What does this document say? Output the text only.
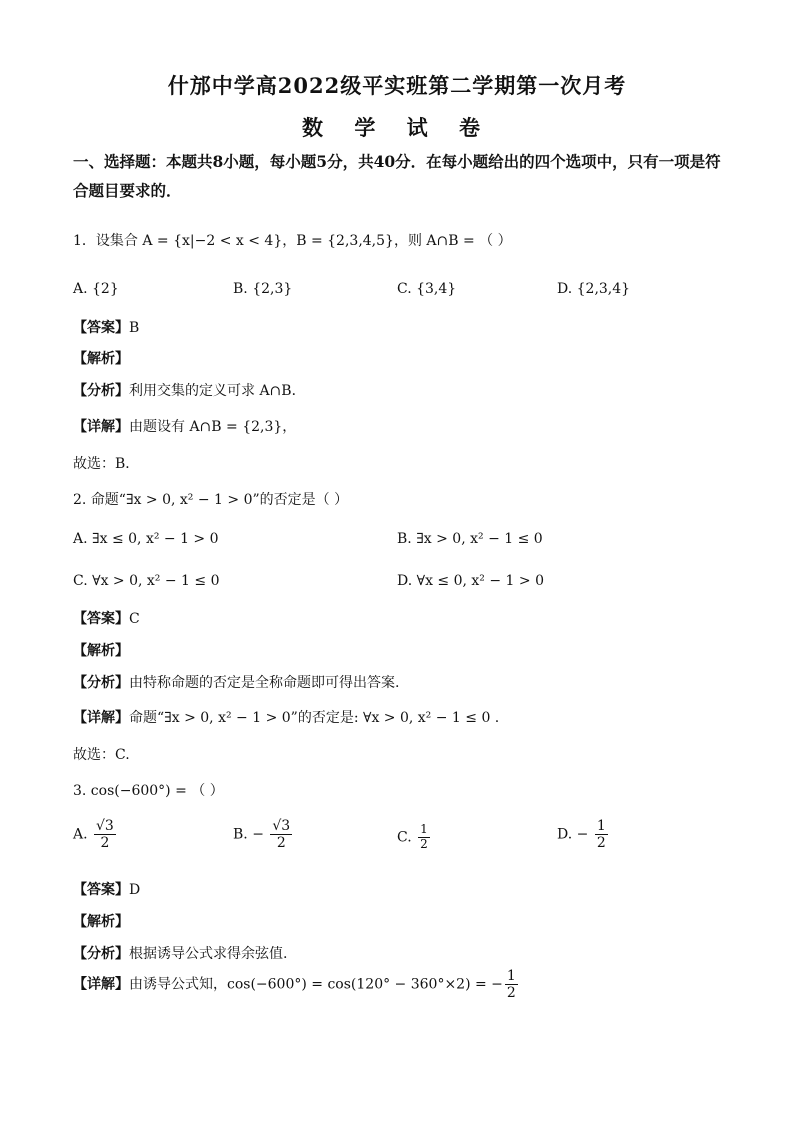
什邡中学高2022级平实班第二学期第一次月考
数 学 试 卷
一、选择题：本题共8小题，每小题5分，共40分．在每小题给出的四个选项中，只有一项是符合题目要求的．
1．设集合 A = {x|−2 < x < 4}，B = {2,3,4,5}，则 A∩B = （ ）
A. {2}	B. {2,3}	C. {3,4}	D. {2,3,4}
【答案】B
【解析】
【分析】利用交集的定义可求 A∩B．
【详解】由题设有 A∩B = {2,3}，
故选：B．
2. 命题“∃x > 0, x² − 1 > 0”的否定是（ ）
A. ∃x ≤ 0, x² − 1 > 0	B. ∃x > 0, x² − 1 ≤ 0
C. ∀x > 0, x² − 1 ≤ 0	D. ∀x ≤ 0, x² − 1 > 0
【答案】C
【解析】
【分析】由特称命题的否定是全称命题即可得出答案.
【详解】命题“∃x > 0, x² − 1 > 0”的否定是: ∀x > 0, x² − 1 ≤ 0 .
故选：C.
3. cos(−600°) = （ ）
A. $\frac{√3}{2}$	B. − $\frac{√3}{2}$	C. $\frac{1}{2}$	D. − $\frac{1}{2}$
【答案】D
【解析】
【分析】根据诱导公式求得余弦值.
【详解】由诱导公式知，cos(−600°) = cos(120° − 360°×2) = − $\frac{1}{2}$
